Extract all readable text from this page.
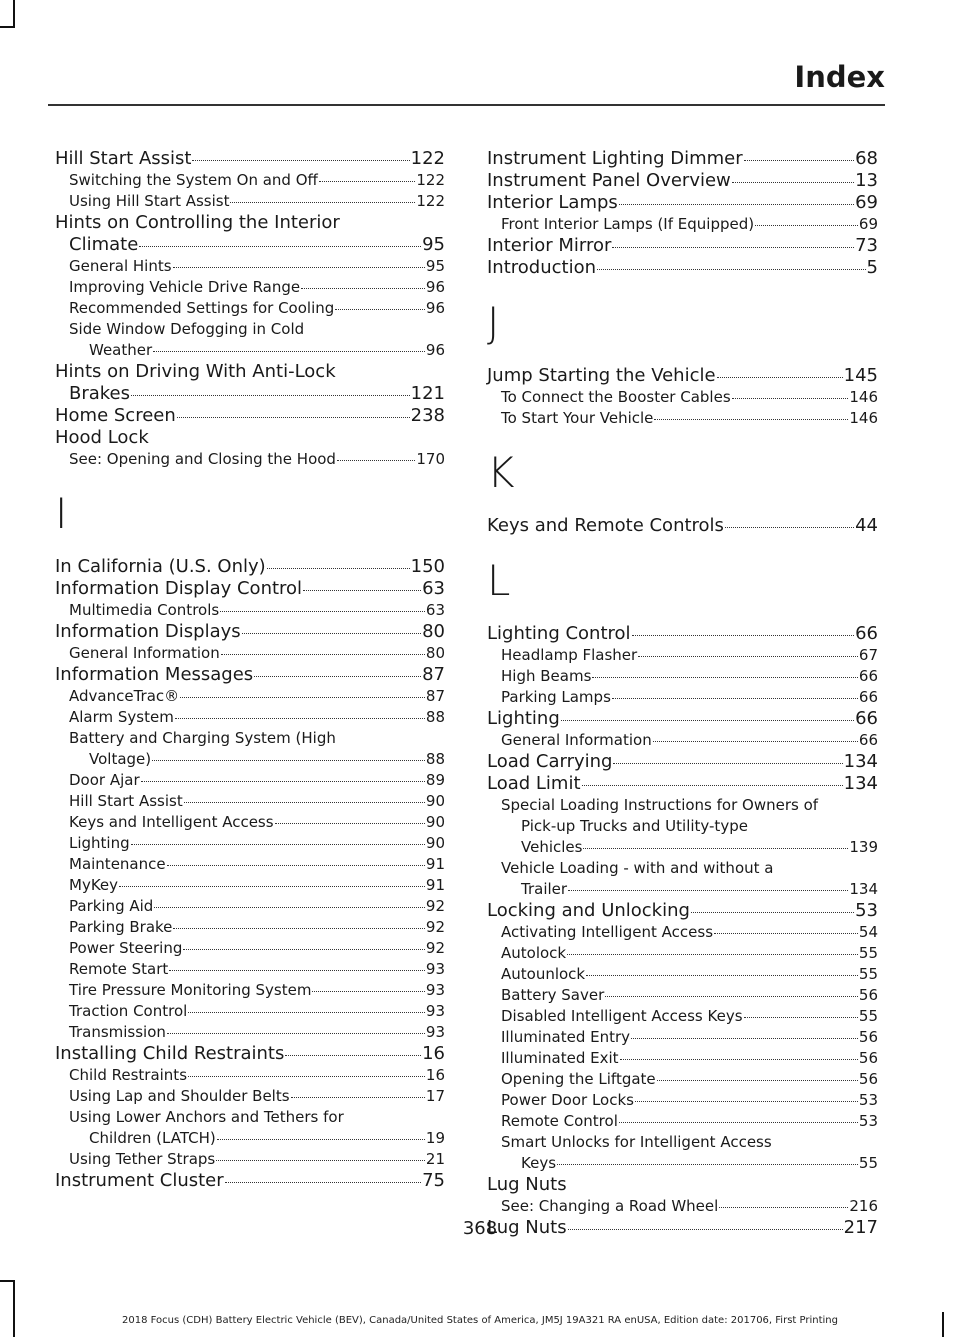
Index
Hill Start Assist	122
Switching the System On and Off	122
Using Hill Start Assist	122
Hints on Controlling the Interior
Climate	95
General Hints	95
Improving Vehicle Drive Range	96
Recommended Settings for Cooling	96
Side Window Defogging in Cold
Weather	96
Hints on Driving With Anti-Lock
Brakes	121
Home Screen	238
Hood Lock
See: Opening and Closing the Hood	170
I
In California (U.S. Only)	150
Information Display Control	63
Multimedia Controls	63
Information Displays	80
General Information	80
Information Messages	87
AdvanceTrac®	87
Alarm System	88
Battery and Charging System (High
Voltage)	88
Door Ajar	89
Hill Start Assist	90
Keys and Intelligent Access	90
Lighting	90
Maintenance	91
MyKey	91
Parking Aid	92
Parking Brake	92
Power Steering	92
Remote Start	93
Tire Pressure Monitoring System	93
Traction Control	93
Transmission	93
Installing Child Restraints	16
Child Restraints	16
Using Lap and Shoulder Belts	17
Using Lower Anchors and Tethers for
Children (LATCH)	19
Using Tether Straps	21
Instrument Cluster	75
Instrument Lighting Dimmer	68
Instrument Panel Overview	13
Interior Lamps	69
Front Interior Lamps (If Equipped)	69
Interior Mirror	73
Introduction	5
J
Jump Starting the Vehicle	145
To Connect the Booster Cables	146
To Start Your Vehicle	146
K
Keys and Remote Controls	44
L
Lighting Control	66
Headlamp Flasher	67
High Beams	66
Parking Lamps	66
Lighting	66
General Information	66
Load Carrying	134
Load Limit	134
Special Loading Instructions for Owners of
Pick-up Trucks and Utility-type
Vehicles	139
Vehicle Loading - with and without a
Trailer	134
Locking and Unlocking	53
Activating Intelligent Access	54
Autolock	55
Autounlock	55
Battery Saver	56
Disabled Intelligent Access Keys	55
Illuminated Entry	56
Illuminated Exit	56
Opening the Liftgate	56
Power Door Locks	53
Remote Control	53
Smart Unlocks for Intelligent Access
Keys	55
Lug Nuts
See: Changing a Road Wheel	216
Lug Nuts	217
368
2018 Focus (CDH) Battery Electric Vehicle (BEV), Canada/United States of America, JM5J 19A321 RA enUSA, Edition date: 201706, First Printing
